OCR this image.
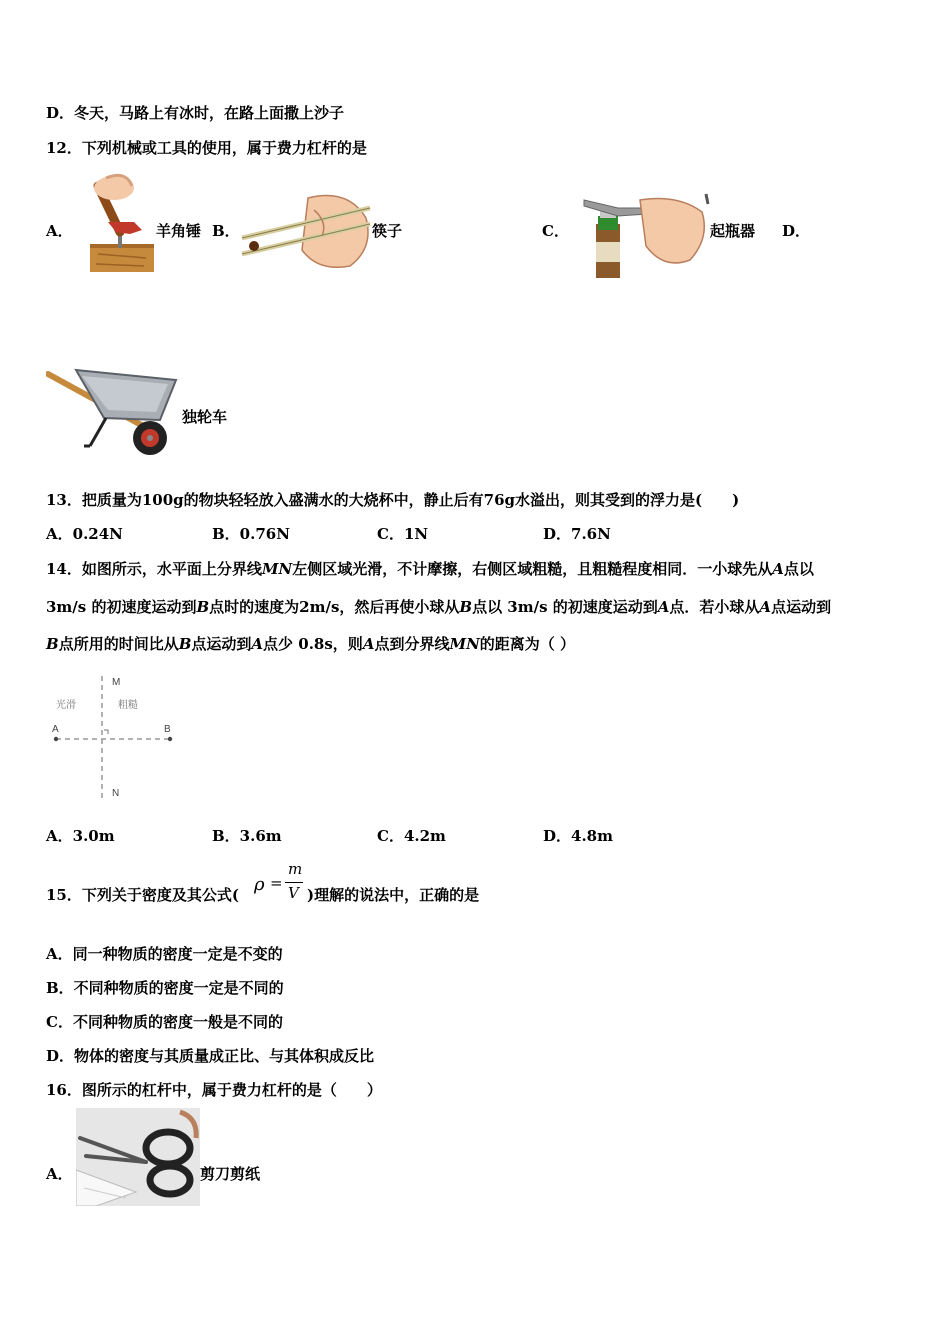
D．冬天，马路上有冰时，在路上面撒上沙子
12．下列机械或工具的使用，属于费力杠杆的是
A．	羊角锤 B．	筷子	C．	起瓶器 D．
独轮车
13．把质量为100g的物块轻轻放入盛满水的大烧杯中，静止后有76g水溢出，则其受到的浮力是(　　)
A．0.24N	B．0.76N	C．1N	D．7.6N
14．如图所示，水平面上分界线MN左侧区域光滑，不计摩擦，右侧区域粗糙，且粗糙程度相同．一小球先从A点以
3m/s 的初速度运动到B点时的速度为2m/s，然后再使小球从B点以 3m/s 的初速度运动到A点．若小球从A点运动到
B点所用的时间比从B点运动到A点少 0.8s，则A点到分界线MN的距离为（ ）
M
N
A	B
光滑	粗糙
A．3.0m	B．3.6m	C．4.2m	D．4.8m
15．下列关于密度及其公式( ρ =
m
V )理解的说法中，正确的是
A．同一种物质的密度一定是不变的
B．不同种物质的密度一定是不同的
C．不同种物质的密度一般是不同的
D．物体的密度与其质量成正比、与其体积成反比
16．图所示的杠杆中，属于费力杠杆的是（　　）
A．	剪刀剪纸
